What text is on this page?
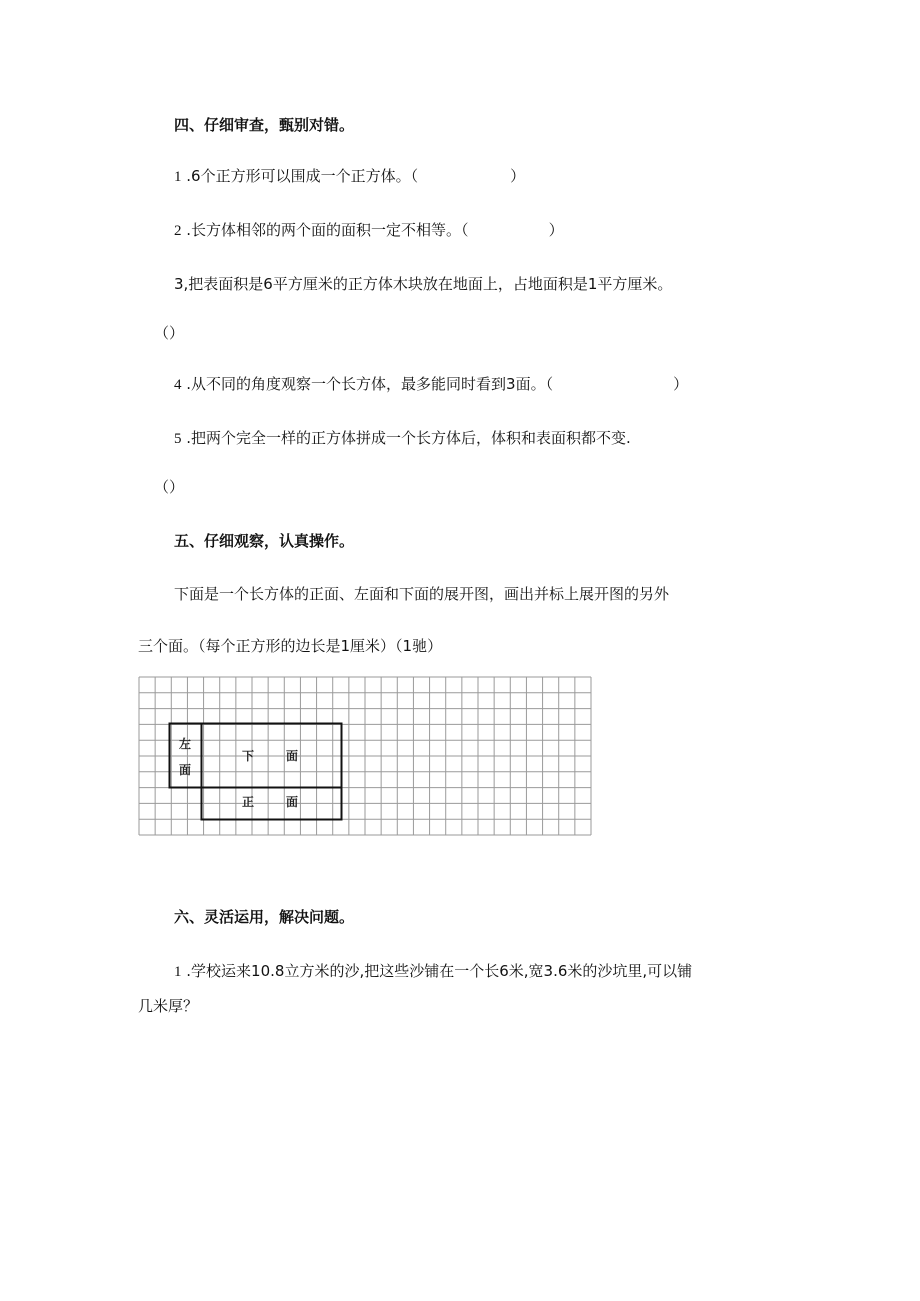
四、仔细审查，甄别对错。
1 .6个正方形可以围成一个正方体。（	）
2 .长方体相邻的两个面的面积一定不相等。（	）
3,把表面积是6平方厘米的正方体木块放在地面上，占地面积是1平方厘米。
（）
4 .从不同的角度观察一个长方体，最多能同时看到3面。（	）
5 .把两个完全一样的正方体拼成一个长方体后，体积和表面积都不变.
（）
五、仔细观察，认真操作。
下面是一个长方体的正面、左面和下面的展开图，画出并标上展开图的另外
三个面。（每个正方形的边长是1厘米）（1驰）
左
面
下	面
正	面
六、灵活运用，解决问题。
1 .学校运来10.8立方米的沙,把这些沙铺在一个长6米,宽3.6米的沙坑里,可以铺
几米厚？
